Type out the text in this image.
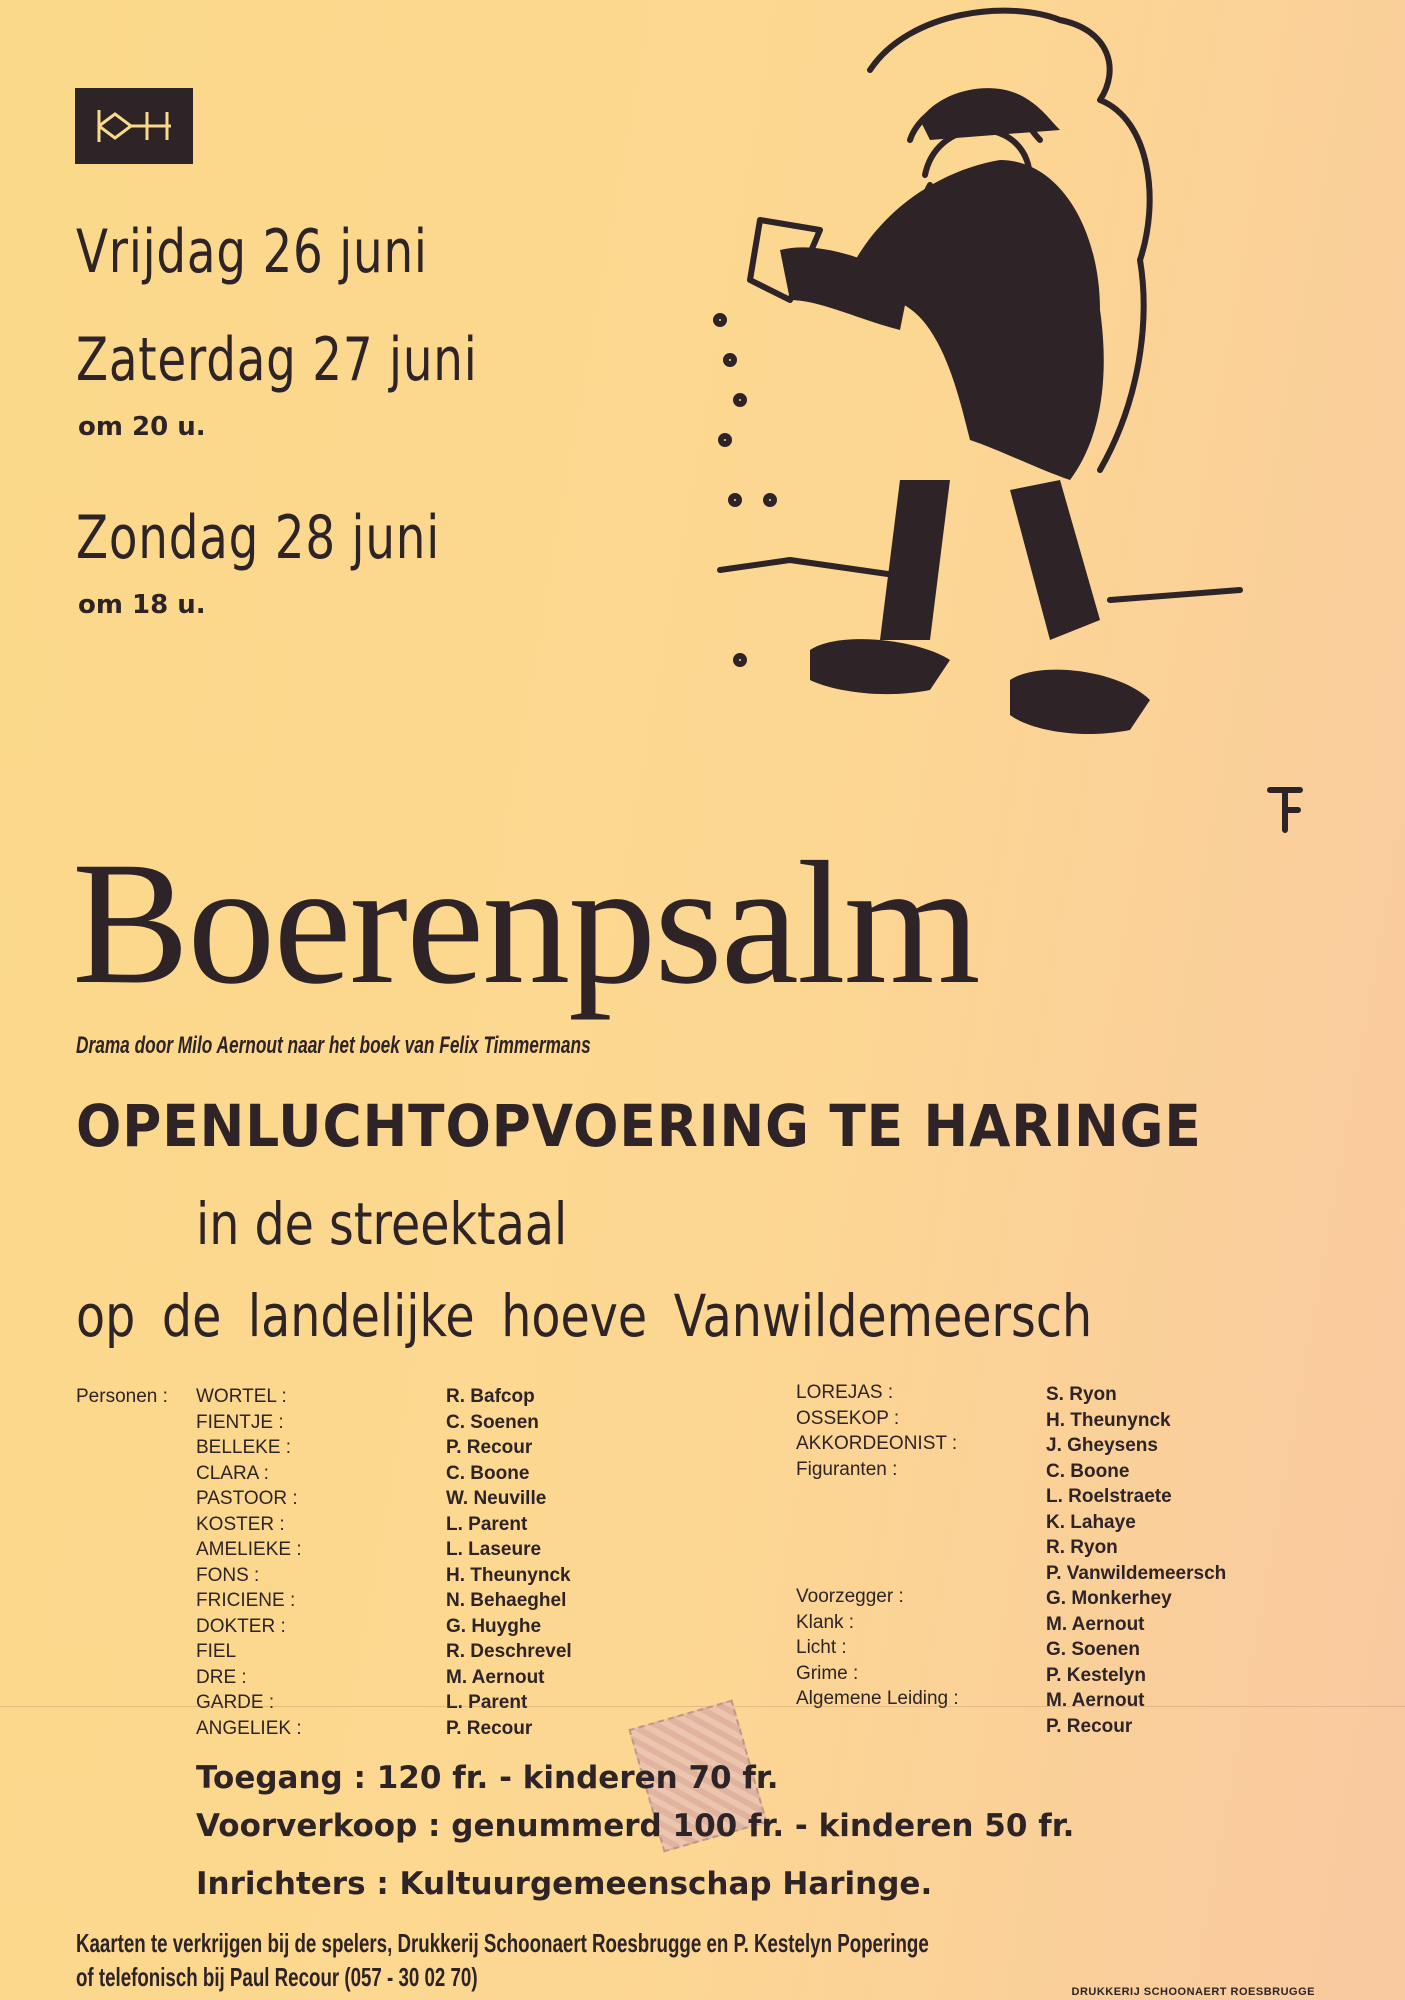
Vrijdag 26 juni
Zaterdag 27 juni
om 20 u.
Zondag 28 juni
om 18 u.
Boerenpsalm
Drama door Milo Aernout naar het boek van Felix Timmermans
OPENLUCHTOPVOERING TE HARINGE
in de streektaal
op de landelijke hoeve Vanwildemeersch
Personen : WORTEL :
FIENTJE :
BELLEKE :
CLARA :
PASTOOR :
KOSTER :
AMELIEKE :
FONS :
FRICIENE :
DOKTER :
FIEL
DRE :
GARDE :
ANGELIEK :
R. Bafcop
C. Soenen
P. Recour
C. Boone
W. Neuville
L. Parent
L. Laseure
H. Theunynck
N. Behaeghel
G. Huyghe
R. Deschrevel
M. Aernout
L. Parent
P. Recour
LOREJAS :
OSSEKOP :
AKKORDEONIST :
Figuranten :
Voorzegger :
Klank :
Licht :
Grime :
Algemene Leiding :
S. Ryon
H. Theunynck
J. Gheysens
C. Boone
L. Roelstraete
K. Lahaye
R. Ryon
P. Vanwildemeersch
G. Monkerhey
M. Aernout
G. Soenen
P. Kestelyn
M. Aernout
P. Recour
Toegang : 120 fr. - kinderen 70 fr.
Voorverkoop : genummerd 100 fr. - kinderen 50 fr.
Inrichters : Kultuurgemeenschap Haringe.
Kaarten te verkrijgen bij de spelers, Drukkerij Schoonaert Roesbrugge en P. Kestelyn Poperinge
of telefonisch bij Paul Recour (057 - 30 02 70)	DRUKKERIJ SCHOONAERT ROESBRUGGE
